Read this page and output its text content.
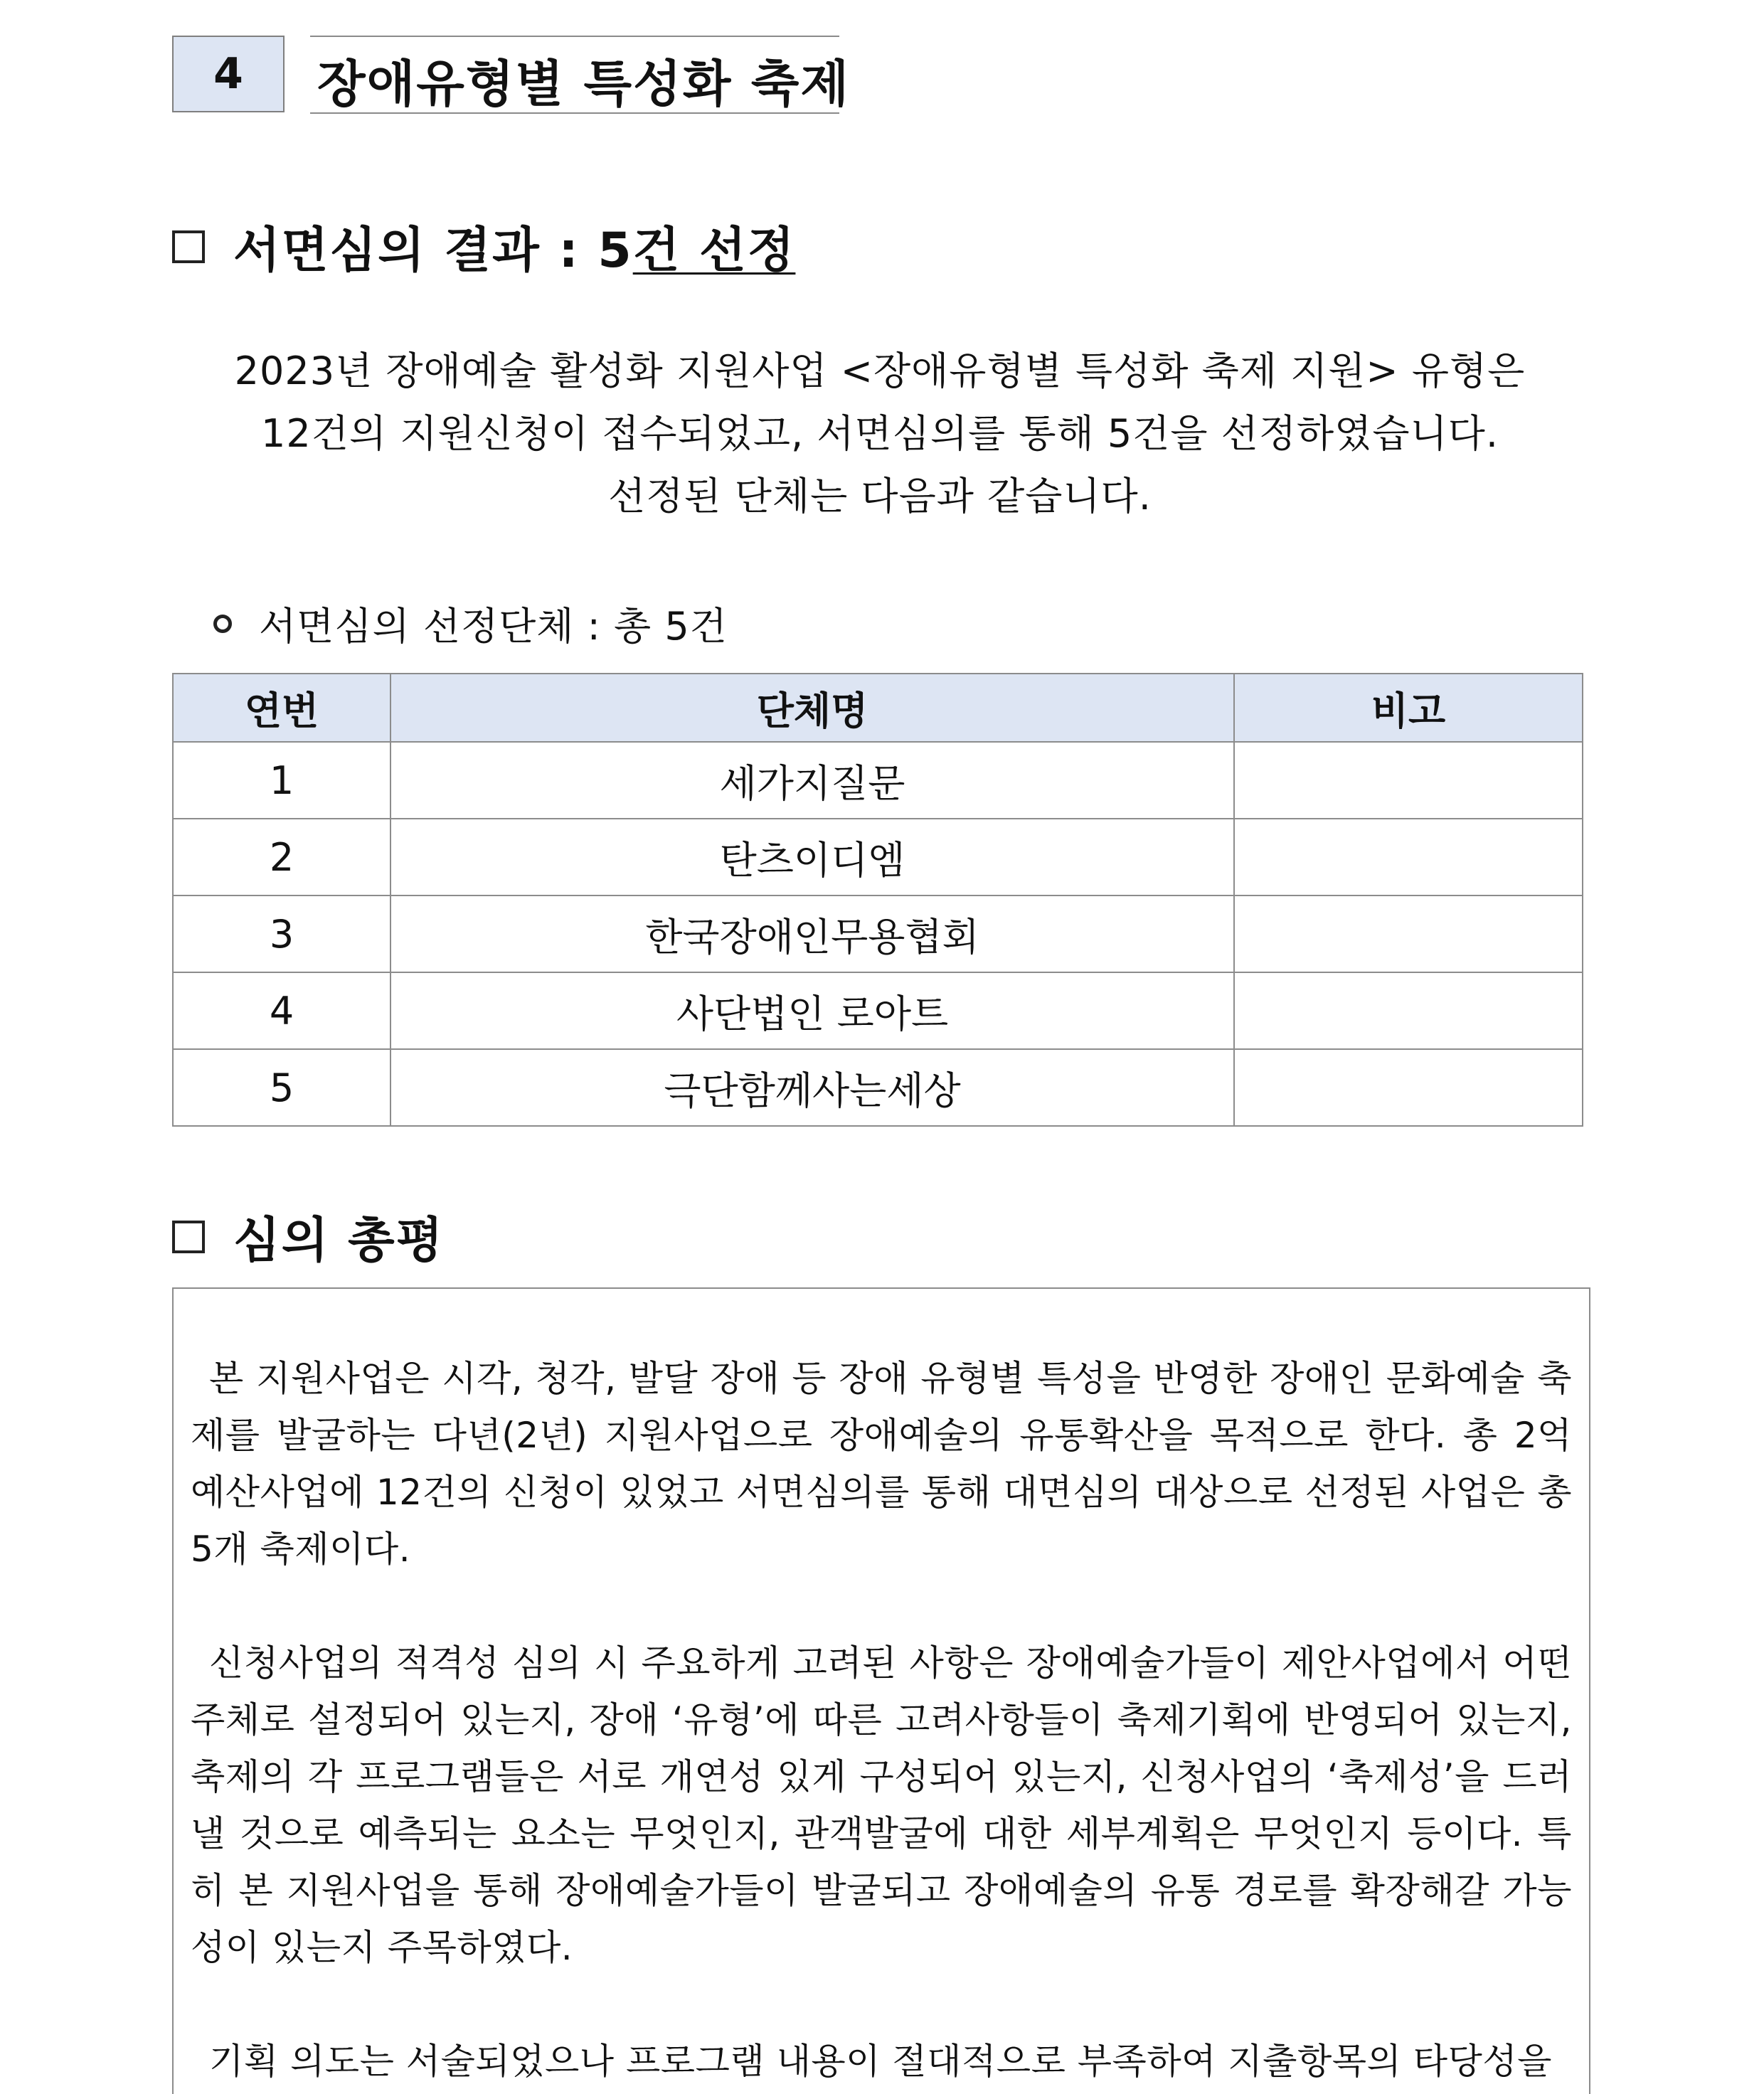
4	장애유형별 특성화 축제
서면심의 결과 : 5 건 선정
2023년 장애예술 활성화 지원사업 <장애유형별 특성화 축제 지원> 유형은
12건의 지원신청이 접수되었고, 서면심의를 통해 5건을 선정하였습니다.
선정된 단체는 다음과 같습니다.
서면심의 선정단체 : 총 5건
연번	단체명	비고
1	세가지질문	
2	탄츠이디엠	
3	한국장애인무용협회	
4	사단법인 로아트	
5	극단함께사는세상	
심의 총평

본 지원사업은 시각, 청각, 발달 장애 등 장애 유형별 특성을 반영한 장애인 문화예술 축제를 발굴하는 다년(2년) 지원사업으로 장애예술의 유통확산을 목적으로 한다. 총 2억 예산사업에 12건의 신청이 있었고 서면심의를 통해 대면심의 대상으로 선정된 사업은 총 5개 축제이다.

신청사업의 적격성 심의 시 주요하게 고려된 사항은 장애예술가들이 제안사업에서 어떤 주체로 설정되어 있는지, 장애 ‘유형’에 따른 고려사항들이 축제기획에 반영되어 있는지, 축제의 각 프로그램들은 서로 개연성 있게 구성되어 있는지, 신청사업의 ‘축제성’을 드러낼 것으로 예측되는 요소는 무엇인지, 관객발굴에 대한 세부계획은 무엇인지 등이다. 특히 본 지원사업을 통해 장애예술가들이 발굴되고 장애예술의 유통 경로를 확장해갈 가능성이 있는지 주목하였다.

기획 의도는 서술되었으나 프로그램 내용이 절대적으로 부족하여 지출항목의 타당성을
